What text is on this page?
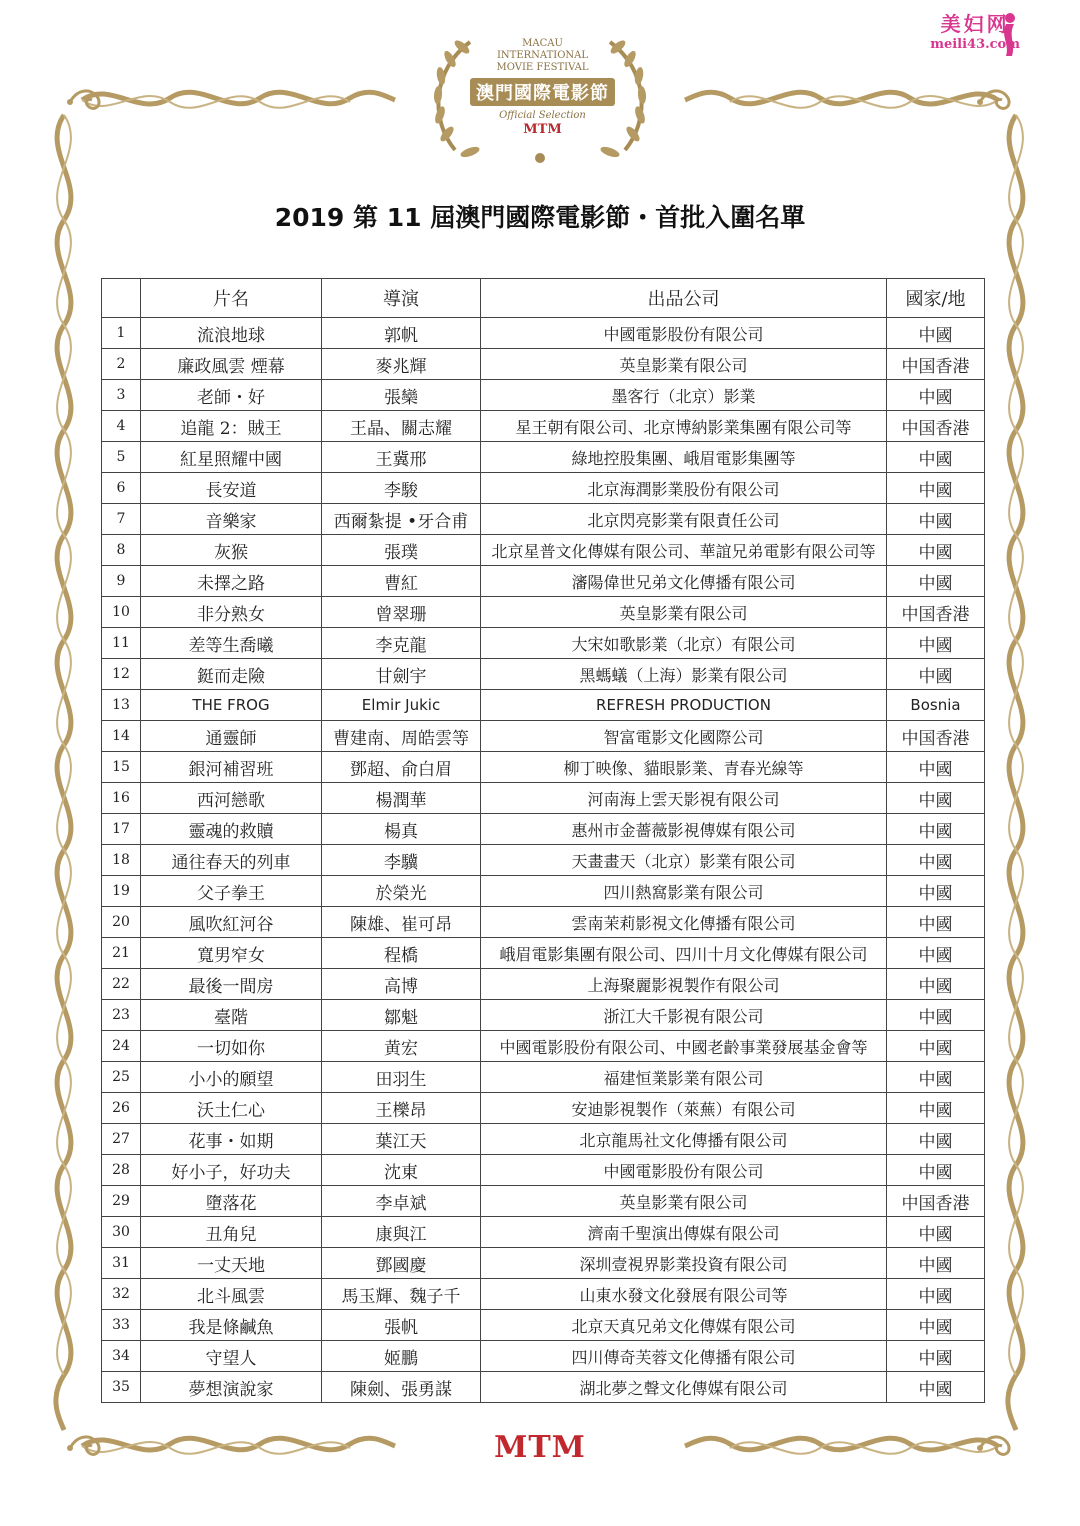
美妇网
meili43.com
MACAU
INTERNATIONAL
MOVIE FESTIVAL
澳門國際電影節
Official Selection
MTM
2019 第 11 屆澳門國際電影節・首批入圍名單
	片名	導演	出品公司	國家/地
1	流浪地球	郭帆	中國電影股份有限公司	中國
2	廉政風雲 煙幕	麥兆輝	英皇影業有限公司	中国香港
3	老師・好	張欒	墨客行（北京）影業	中國
4	追龍 2：賊王	王晶、關志耀	星王朝有限公司、北京博納影業集團有限公司等	中国香港
5	紅星照耀中國	王冀邢	綠地控股集團、峨眉電影集團等	中國
6	長安道	李駿	北京海潤影業股份有限公司	中國
7	音樂家	西爾紮提 •牙合甫	北京閃亮影業有限責任公司	中國
8	灰猴	張璞	北京星普文化傳媒有限公司、華誼兄弟電影有限公司等	中國
9	未擇之路	曹紅	瀋陽偉世兄弟文化傳播有限公司	中國
10	非分熟女	曾翠珊	英皇影業有限公司	中国香港
11	差等生喬曦	李克龍	大宋如歌影業（北京）有限公司	中國
12	鋌而走險	甘劍宇	黑螞蟻（上海）影業有限公司	中國
13	THE FROG	Elmir Jukic	REFRESH PRODUCTION	Bosnia
14	通靈師	曹建南、周皓雲等	智富電影文化國際公司	中国香港
15	銀河補習班	鄧超、俞白眉	柳丁映像、貓眼影業、青春光線等	中國
16	西河戀歌	楊潤華	河南海上雲天影視有限公司	中國
17	靈魂的救贖	楊真	惠州市金薔薇影視傳媒有限公司	中國
18	通往春天的列車	李驥	天畫畫天（北京）影業有限公司	中國
19	父子拳王	於榮光	四川熱窩影業有限公司	中國
20	風吹紅河谷	陳雄、崔可昂	雲南茉莉影視文化傳播有限公司	中國
21	寬男窄女	程橋	峨眉電影集團有限公司、四川十月文化傳媒有限公司	中國
22	最後一間房	高博	上海聚麗影視製作有限公司	中國
23	臺階	鄒魁	浙江大千影視有限公司	中國
24	一切如你	黄宏	中國電影股份有限公司、中國老齡事業發展基金會等	中國
25	小小的願望	田羽生	福建恒業影業有限公司	中國
26	沃土仁心	王櫟昂	安迪影視製作（萊蕪）有限公司	中國
27	花事・如期	葉江天	北京龍馬社文化傳播有限公司	中國
28	好小子，好功夫	沈東	中國電影股份有限公司	中國
29	墮落花	李卓斌	英皇影業有限公司	中国香港
30	丑角兒	康與江	濟南千聖演出傳媒有限公司	中國
31	一丈天地	鄧國慶	深圳壹視界影業投資有限公司	中國
32	北斗風雲	馬玉輝、魏子千	山東水發文化發展有限公司等	中國
33	我是條鹹魚	張帆	北京天真兄弟文化傳媒有限公司	中國
34	守望人	姬鵬	四川傳奇芙蓉文化傳播有限公司	中國
35	夢想演說家	陳劍、張勇謀	湖北夢之聲文化傳媒有限公司	中國
MTM
